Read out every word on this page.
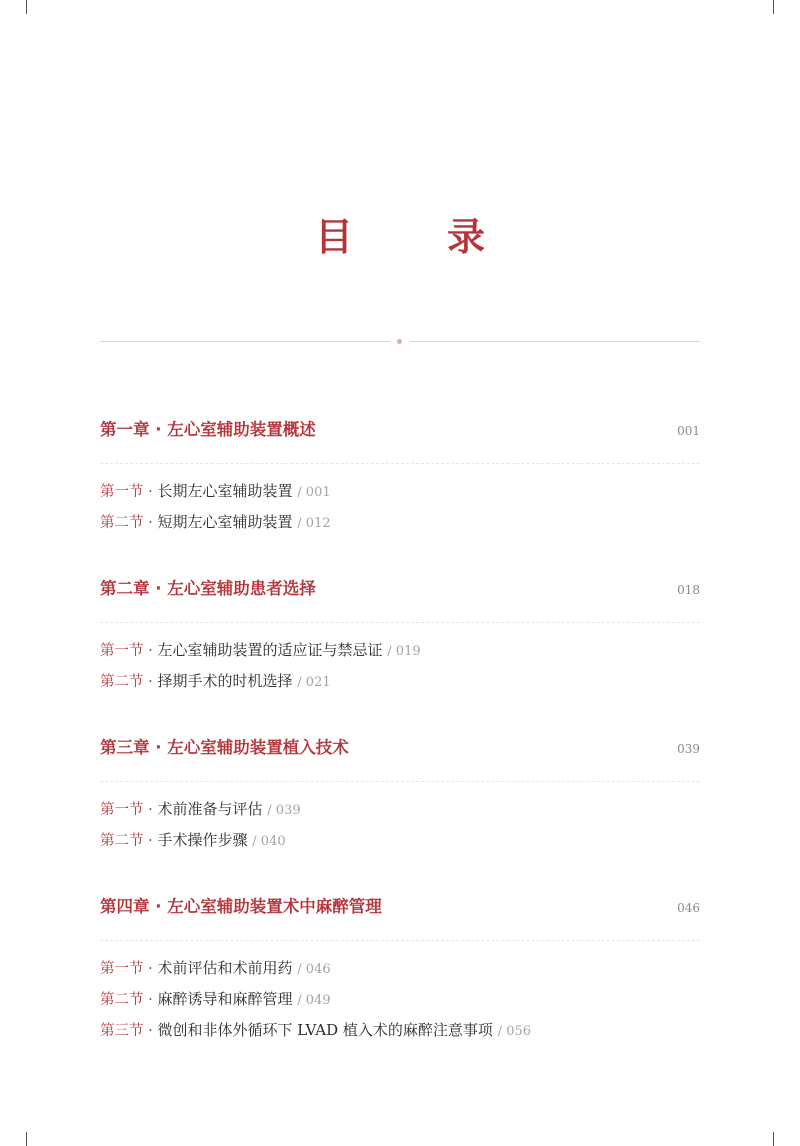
目　录
第一章 · 左心室辅助装置概述	001
第一节 · 长期左心室辅助装置 / 001
第二节 · 短期左心室辅助装置 / 012
第二章 · 左心室辅助患者选择	018
第一节 · 左心室辅助装置的适应证与禁忌证 / 019
第二节 · 择期手术的时机选择 / 021
第三章 · 左心室辅助装置植入技术	039
第一节 · 术前准备与评估 / 039
第二节 · 手术操作步骤 / 040
第四章 · 左心室辅助装置术中麻醉管理	046
第一节 · 术前评估和术前用药 / 046
第二节 · 麻醉诱导和麻醉管理 / 049
第三节 · 微创和非体外循环下 LVAD 植入术的麻醉注意事项 / 056
